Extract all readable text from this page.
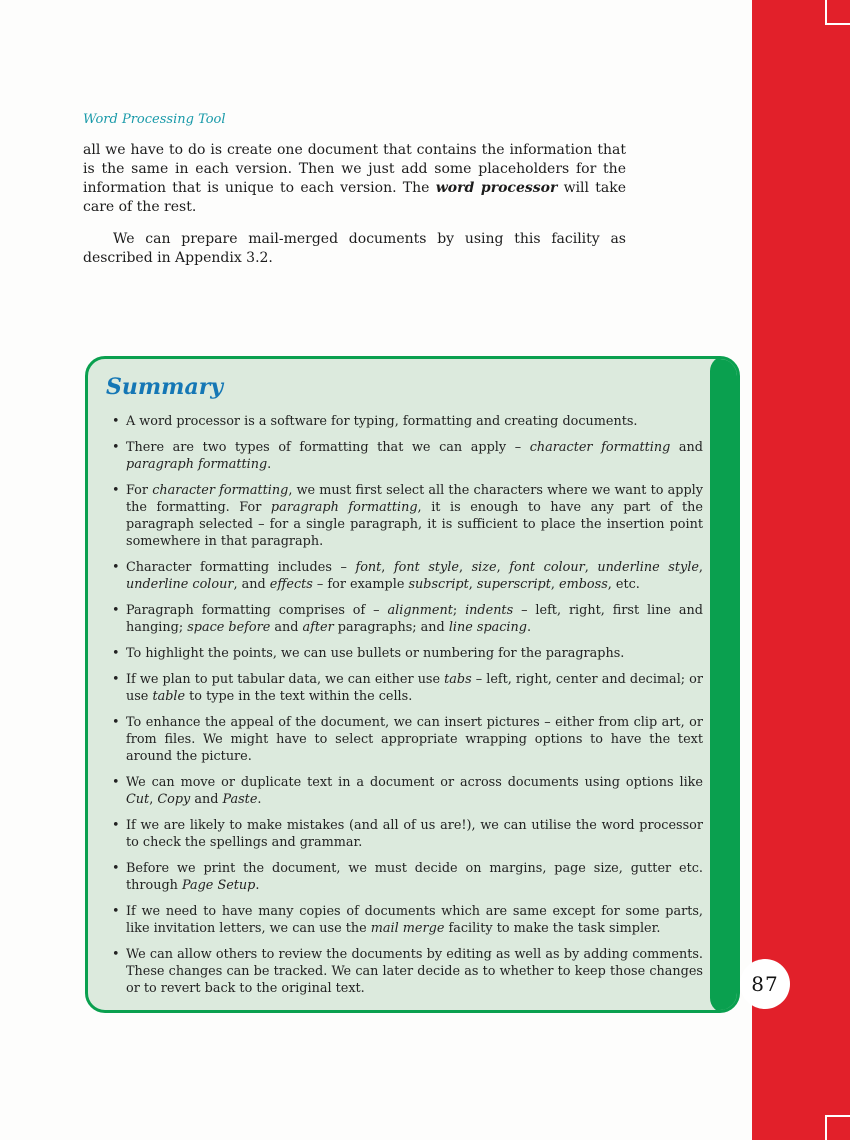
87
Word Processing Tool

all we have to do is create one document that contains the information that is the same in each version. Then we just add some placeholders for the information that is unique to each version. The word processor will take care of the rest.

We can prepare mail-merged documents by using this facility as described in Appendix 3.2.

Summary
• A word processor is a software for typing, formatting and creating documents.
• There are two types of formatting that we can apply – character formatting and paragraph formatting.
• For character formatting, we must first select all the characters where we want to apply the formatting. For paragraph formatting, it is enough to have any part of the paragraph selected – for a single paragraph, it is sufficient to place the insertion point somewhere in that paragraph.
• Character formatting includes – font, font style, size, font colour, underline style, underline colour, and effects – for example subscript, superscript, emboss, etc.
• Paragraph formatting comprises of – alignment; indents – left, right, first line and hanging; space before and after paragraphs; and line spacing.
• To highlight the points, we can use bullets or numbering for the paragraphs.
• If we plan to put tabular data, we can either use tabs – left, right, center and decimal; or use table to type in the text within the cells.
• To enhance the appeal of the document, we can insert pictures – either from clip art, or from files. We might have to select appropriate wrapping options to have the text around the picture.
• We can move or duplicate text in a document or across documents using options like Cut, Copy and Paste.
• If we are likely to make mistakes (and all of us are!), we can utilise the word processor to check the spellings and grammar.
• Before we print the document, we must decide on margins, page size, gutter etc. through Page Setup.
• If we need to have many copies of documents which are same except for some parts, like invitation letters, we can use the mail merge facility to make the task simpler.
• We can allow others to review the documents by editing as well as by adding comments. These changes can be tracked. We can later decide as to whether to keep those changes or to revert back to the original text.
